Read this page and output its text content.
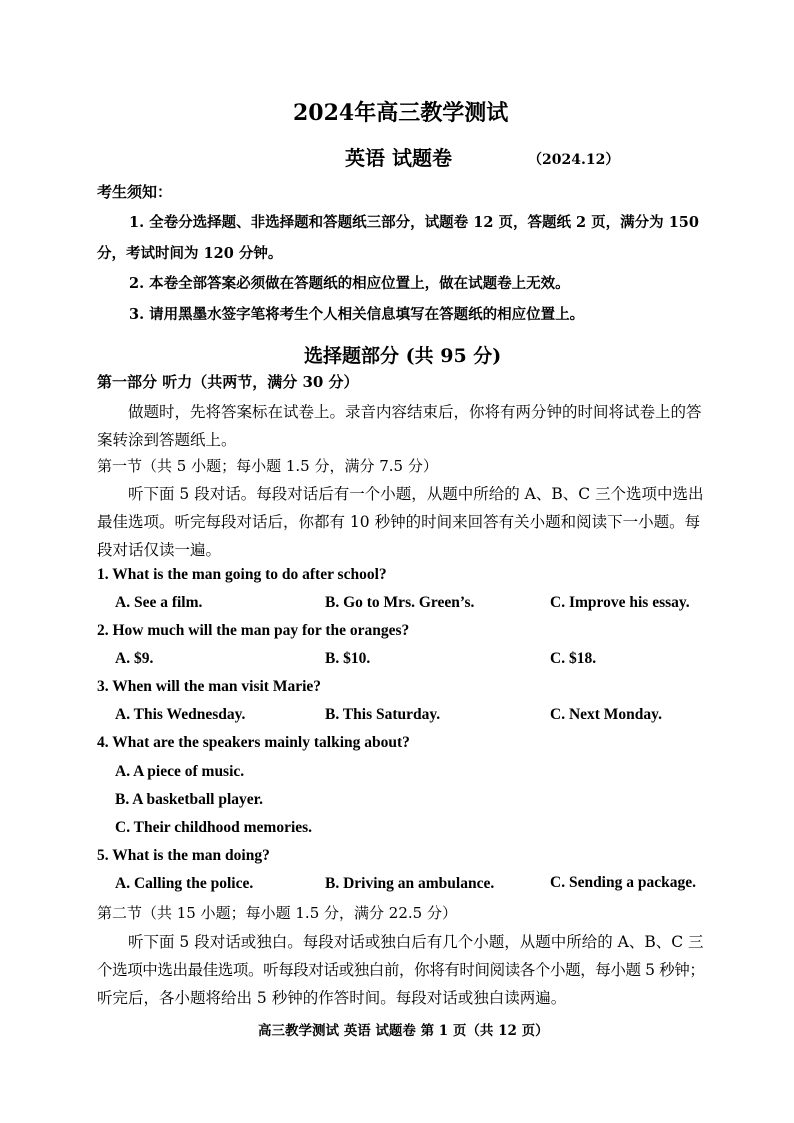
2024年高三教学测试
英语 试题卷	（2024.12）
考生须知：
1. 全卷分选择题、非选择题和答题纸三部分，试题卷 12 页，答题纸 2 页，满分为 150
分，考试时间为 120 分钟。
2. 本卷全部答案必须做在答题纸的相应位置上，做在试题卷上无效。
3. 请用黑墨水签字笔将考生个人相关信息填写在答题纸的相应位置上。
选择题部分 (共 95 分)
第一部分 听力（共两节，满分 30 分）
做题时，先将答案标在试卷上。录音内容结束后，你将有两分钟的时间将试卷上的答
案转涂到答题纸上。
第一节（共 5 小题；每小题 1.5 分，满分 7.5 分）
听下面 5 段对话。每段对话后有一个小题，从题中所给的 A、B、C 三个选项中选出
最佳选项。听完每段对话后，你都有 10 秒钟的时间来回答有关小题和阅读下一小题。每
段对话仅读一遍。
1. What is the man going to do after school?
A. See a film.	B. Go to Mrs. Green’s.	C. Improve his essay.
2. How much will the man pay for the oranges?
A. $9.	B. $10.	C. $18.
3. When will the man visit Marie?
A. This Wednesday.	B. This Saturday.	C. Next Monday.
4. What are the speakers mainly talking about?
A. A piece of music.
B. A basketball player.
C. Their childhood memories.
5. What is the man doing?
A. Calling the police.	B. Driving an ambulance.	C. Sending a package.
第二节（共 15 小题；每小题 1.5 分，满分 22.5 分）
听下面 5 段对话或独白。每段对话或独白后有几个小题，从题中所给的 A、B、C 三
个选项中选出最佳选项。听每段对话或独白前，你将有时间阅读各个小题，每小题 5 秒钟；
听完后，各小题将给出 5 秒钟的作答时间。每段对话或独白读两遍。
高三教学测试 英语 试题卷 第 1 页（共 12 页）
